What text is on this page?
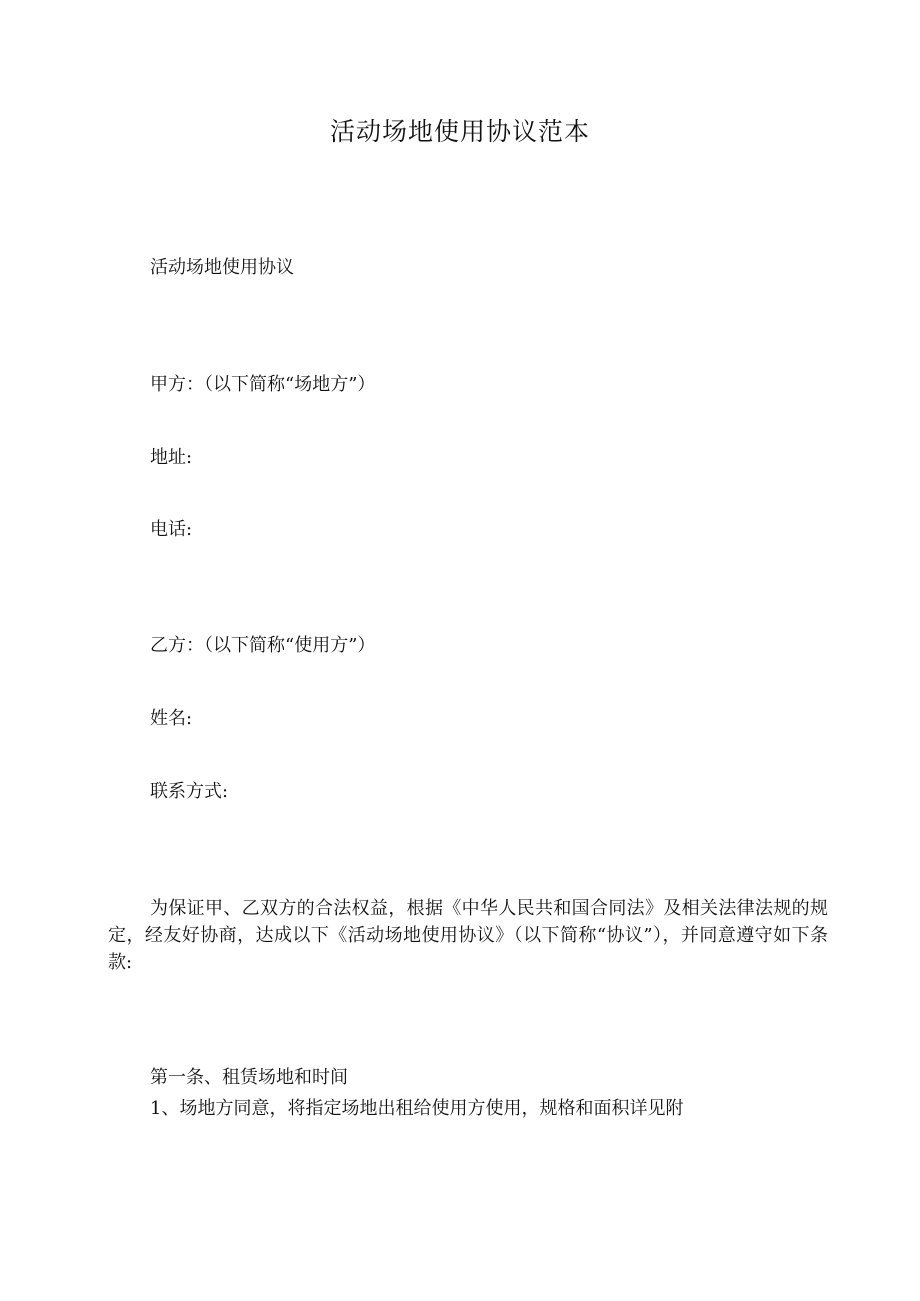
活动场地使用协议范本
活动场地使用协议
甲方：（以下简称“场地方”）
地址:
电话:
乙方：（以下简称“使用方”）
姓名:
联系方式:
为保证甲、乙双方的合法权益，根据《中华人民共和国合同法》及相关法律法规的规定，经友好协商，达成以下《活动场地使用协议》（以下简称“协议”），并同意遵守如下条款:
第一条、租赁场地和时间
1、场地方同意，将指定场地出租给使用方使用，规格和面积详见附
